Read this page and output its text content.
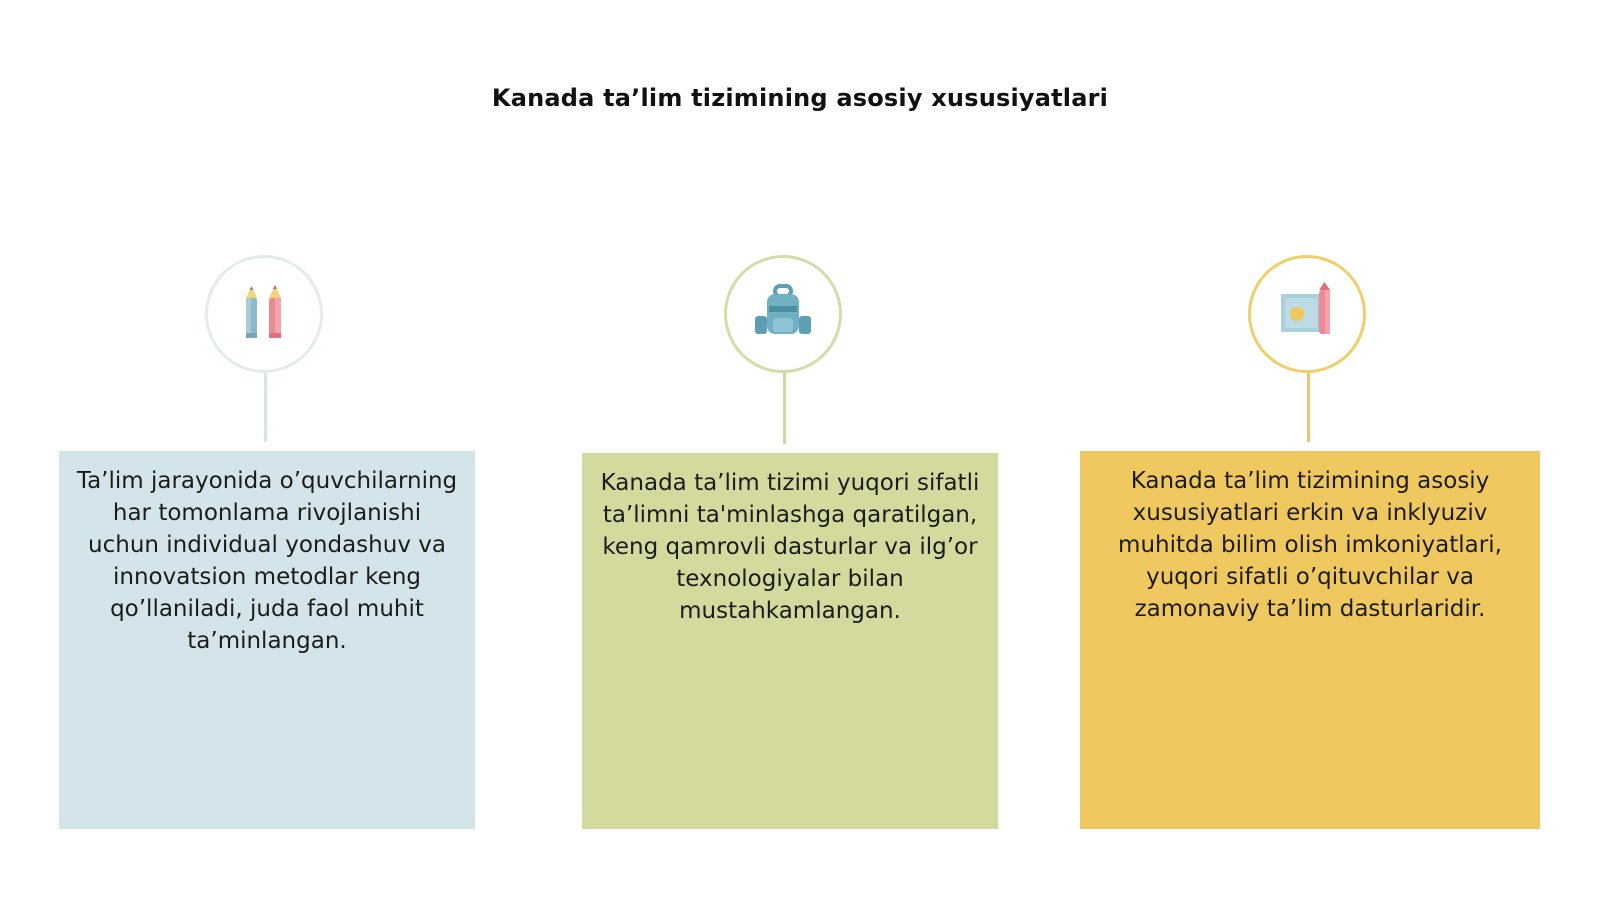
Kanada ta’lim tizimining asosiy xususiyatlari

Ta’lim jarayonida o’quvchilarning har tomonlama rivojlanishi uchun individual yondashuv va innovatsion metodlar keng qo’llaniladi, juda faol muhit ta’minlangan.

Kanada ta’lim tizimi yuqori sifatli ta’limni ta'minlashga qaratilgan, keng qamrovli dasturlar va ilg’or texnologiyalar bilan mustahkamlangan.

Kanada ta’lim tizimining asosiy xususiyatlari erkin va inklyuziv muhitda bilim olish imkoniyatlari, yuqori sifatli o’qituvchilar va zamonaviy ta’lim dasturlaridir.
